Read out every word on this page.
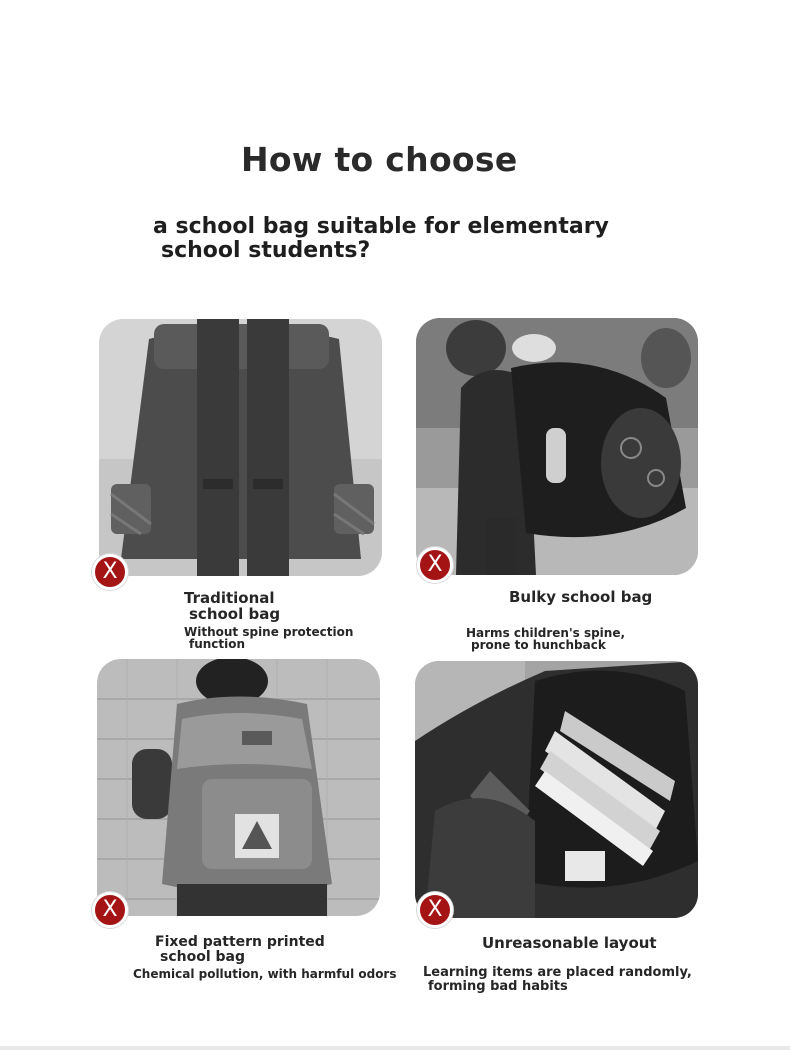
How to choose
a school bag suitable for elementary
school students?
X
Traditional
school bag
Without spine protection
function
X
Bulky school bag
Harms children's spine,
prone to hunchback
X
Fixed pattern printed
school bag
Chemical pollution, with harmful odors
X
Unreasonable layout
Learning items are placed randomly,
forming bad habits
